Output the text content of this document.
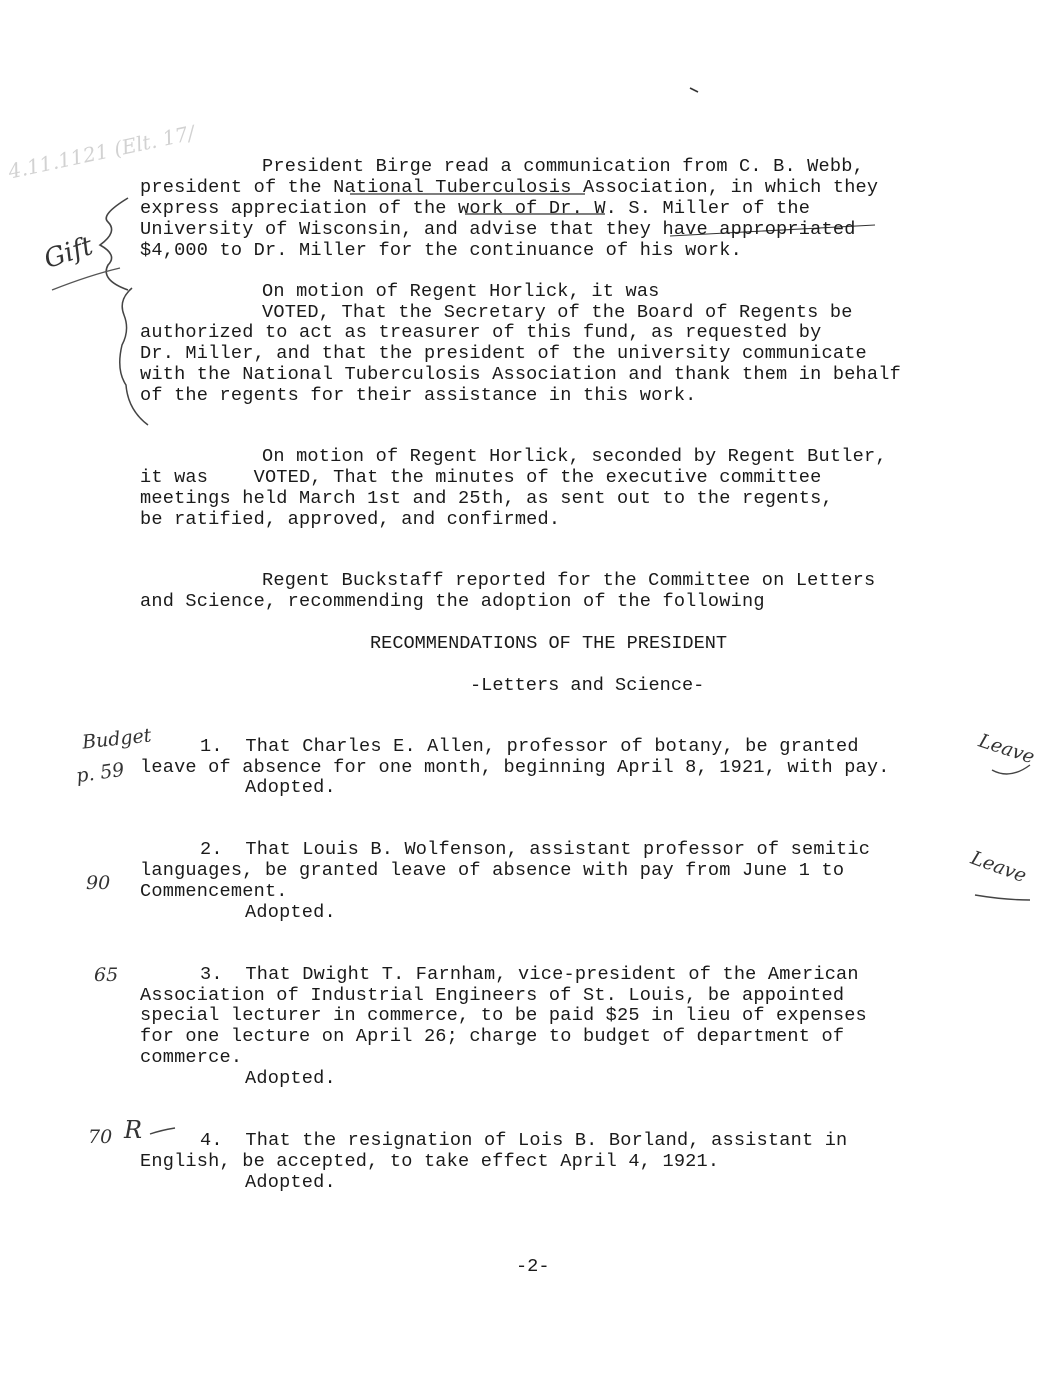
4.11.1121 (Elt. 17/	President Birge read a communication from C. B. Webb,
president of the National Tuberculosis Association, in which they
express appreciation of the work of Dr. W. S. Miller of the
University of Wisconsin, and advise that they have appropriated
$4,000 to Dr. Miller for the continuance of his work.
On motion of Regent Horlick, it was
VOTED, That the Secretary of the Board of Regents be
authorized to act as treasurer of this fund, as requested by
Dr. Miller, and that the president of the university communicate
with the National Tuberculosis Association and thank them in behalf
of the regents for their assistance in this work.
On motion of Regent Horlick, seconded by Regent Butler,
it was    VOTED, That the minutes of the executive committee
meetings held March 1st and 25th, as sent out to the regents,
be ratified, approved, and confirmed.
Regent Buckstaff reported for the Committee on Letters
and Science, recommending the adoption of the following
RECOMMENDATIONS OF THE PRESIDENT
-Letters and Science-
1.  That Charles E. Allen, professor of botany, be granted
leave of absence for one month, beginning April 8, 1921, with pay.
Adopted.
2.  That Louis B. Wolfenson, assistant professor of semitic
languages, be granted leave of absence with pay from June 1 to
Commencement.
Adopted.
3.  That Dwight T. Farnham, vice-president of the American
Association of Industrial Engineers of St. Louis, be appointed
special lecturer in commerce, to be paid $25 in lieu of expenses
for one lecture on April 26; charge to budget of department of
commerce.
Adopted.
4.  That the resignation of Lois B. Borland, assistant in
English, be accepted, to take effect April 4, 1921.
Adopted.
-2-
Gift
Budget
p. 59
90
65
70 R
Leave
Leave
